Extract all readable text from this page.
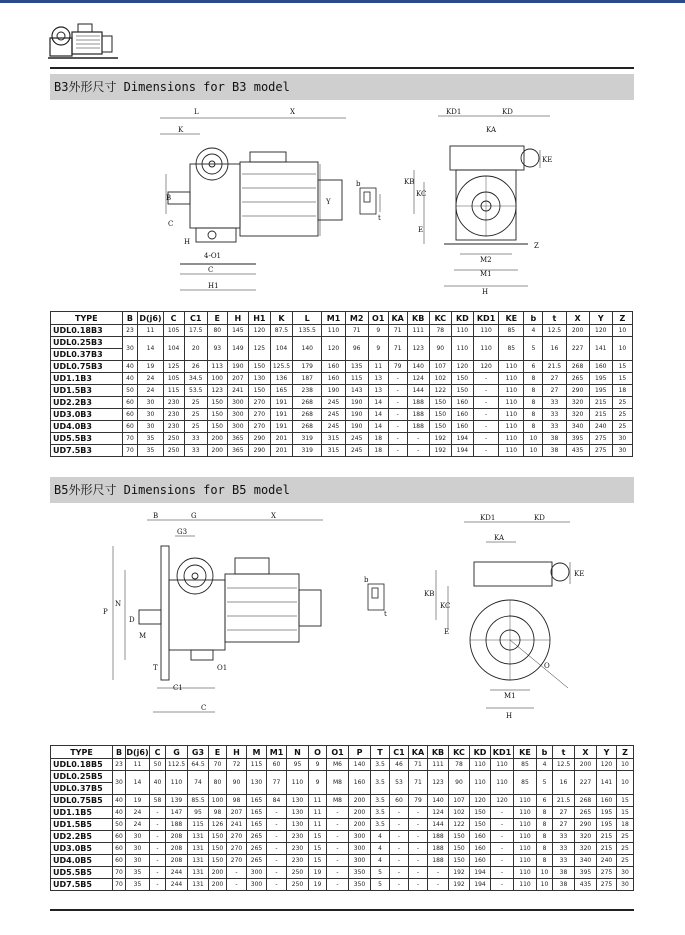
B3外形尺寸 Dimensions for B3 model
L	X
K
B
C
Y
4-O1
C
H1
H
b
t
KD1	KD
KA
KB
KC
KE
E
Z
M2
M1
H
TYPE	B	D(j6)	C	C1	E	H	H1	K	L	M1	M2	O1	KA	KB	KC	KD	KD1	KE	b	t	X	Y	Z
UDL0.18B3	23	11	105	17.5	80	145	120	87.5	135.5	110	71	9	71	111	78	110	110	85	4	12.5	200	120	10
UDL0.25B3	30	14	104	20	93	149	125	104	140	120	96	9	71	123	90	110	110	85	5	16	227	141	10
UDL0.37B3																							
UDL0.75B3	40	19	125	26	113	190	150	125.5	179	160	135	11	79	140	107	120	120	110	6	21.5	268	160	15
UD1.1B3	40	24	105	34.5	100	207	130	136	187	160	115	13	-	124	102	150	-	110	8	27	265	195	15
UD1.5B3	50	24	115	53.5	123	241	150	165	238	190	143	13	-	144	122	150	-	110	8	27	290	195	18
UD2.2B3	60	30	230	25	150	300	270	191	268	245	190	14	-	188	150	160	-	110	8	33	320	215	25
UD3.0B3	60	30	230	25	150	300	270	191	268	245	190	14	-	188	150	160	-	110	8	33	320	215	25
UD4.0B3	60	30	230	25	150	300	270	191	268	245	190	14	-	188	150	160	-	110	8	33	340	240	25
UD5.5B3	70	35	250	33	200	365	290	201	319	315	245	18	-	-	192	194	-	110	10	38	395	275	30
UD7.5B3	70	35	250	33	200	365	290	201	319	315	245	18	-	-	192	194	-	110	10	38	435	275	30
B5外形尺寸 Dimensions for B5 model
B	G
G3
X
P
N
M
D
T
C1
O1
C
b
t
KD1	KD
KA
KB
KC
KE
E
O
M1
H
TYPE	B	D(j6)	C	G	G3	E	H	M	M1	N	O	O1	P	T	C1	KA	KB	KC	KD	KD1	KE	b	t	X	Y	Z
UDL0.18B5	23	11	50	112.5	64.5	70	72	115	60	95	9	M6	140	3.5	46	71	111	78	110	110	85	4	12.5	200	120	10
UDL0.25B5	30	14	40	110	74	80	90	130	77	110	9	M8	160	3.5	53	71	123	90	110	110	85	5	16	227	141	10
UDL0.37B5																										
UDL0.75B5	40	19	58	139	85.5	100	98	165	84	130	11	M8	200	3.5	60	79	140	107	120	120	110	6	21.5	268	160	15
UD1.1B5	40	24	-	147	95	98	207	165	-	130	11	-	200	3.5	-	-	124	102	150	-	110	8	27	265	195	15
UD1.5B5	50	24	-	188	115	126	241	165	-	130	11	-	200	3.5	-	-	144	122	150	-	110	8	27	290	195	18
UD2.2B5	60	30	-	208	131	150	270	265	-	230	15	-	300	4	-	-	188	150	160	-	110	8	33	320	215	25
UD3.0B5	60	30	-	208	131	150	270	265	-	230	15	-	300	4	-	-	188	150	160	-	110	8	33	320	215	25
UD4.0B5	60	30	-	208	131	150	270	265	-	230	15	-	300	4	-	-	188	150	160	-	110	8	33	340	240	25
UD5.5B5	70	35	-	244	131	200	-	300	-	250	19	-	350	5	-	-	-	192	194	-	110	10	38	395	275	30
UD7.5B5	70	35	-	244	131	200	-	300	-	250	19	-	350	5	-	-	-	192	194	-	110	10	38	435	275	30
